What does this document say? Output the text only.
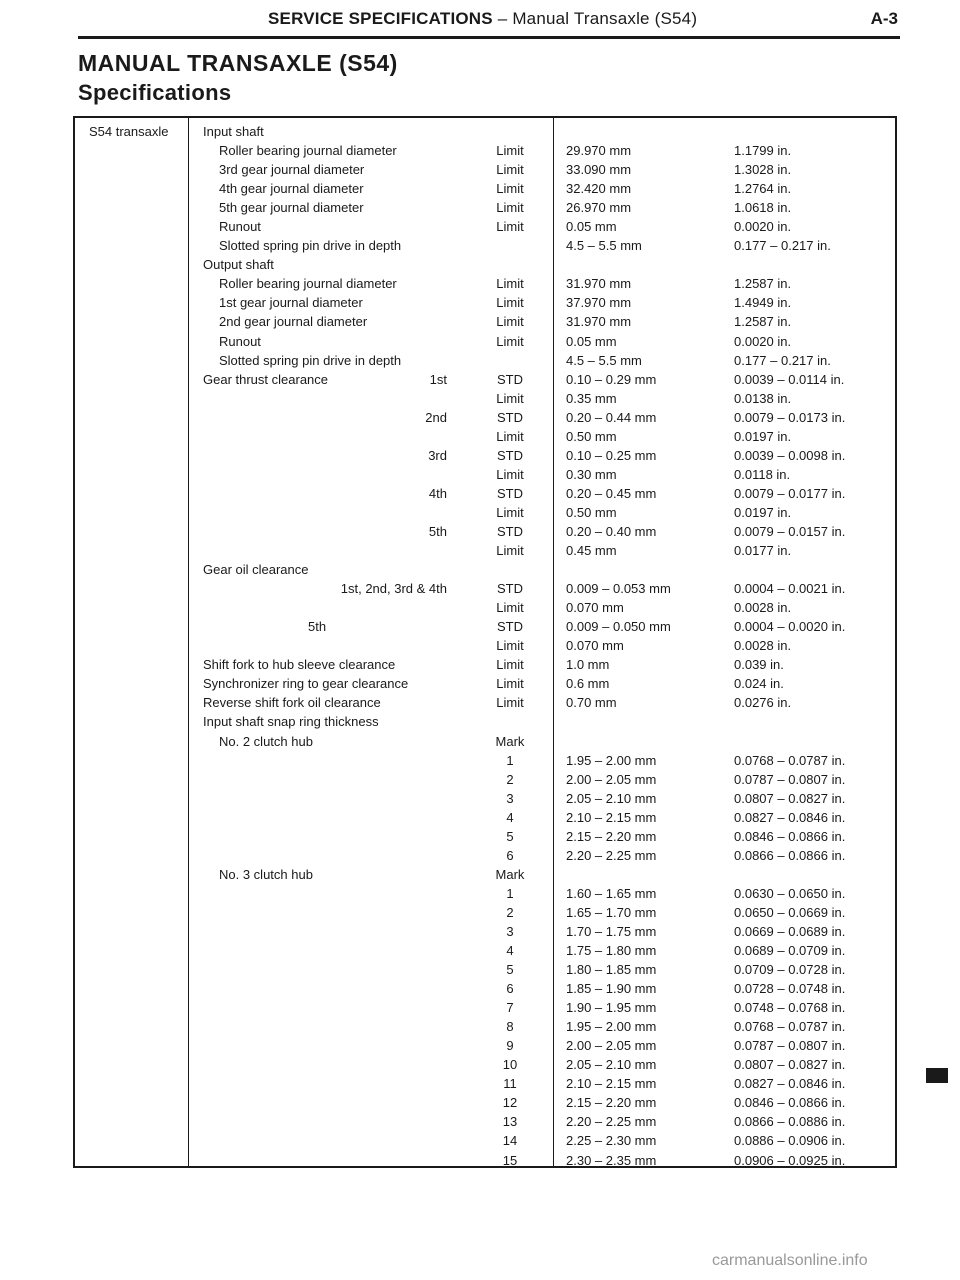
SERVICE SPECIFICATIONS – Manual Transaxle (S54)	A-3
MANUAL TRANSAXLE (S54)
Specifications
S54 transaxle	Input shaft
Roller bearing journal diameter	Limit	29.970 mm	1.1799 in.
3rd gear journal diameter	Limit	33.090 mm	1.3028 in.
4th gear journal diameter	Limit	32.420 mm	1.2764 in.
5th gear journal diameter	Limit	26.970 mm	1.0618 in.
Runout	Limit	0.05 mm	0.0020 in.
Slotted spring pin drive in depth	4.5 – 5.5 mm	0.177 – 0.217 in.
Output shaft
Roller bearing journal diameter	Limit	31.970 mm	1.2587 in.
1st gear journal diameter	Limit	37.970 mm	1.4949 in.
2nd gear journal diameter	Limit	31.970 mm	1.2587 in.
Runout	Limit	0.05 mm	0.0020 in.
Slotted spring pin drive in depth	4.5 – 5.5 mm	0.177 – 0.217 in.
Gear thrust clearance	1st	STD	0.10 – 0.29 mm	0.0039 – 0.0114 in.
Limit	0.35 mm	0.0138 in.
2nd	STD	0.20 – 0.44 mm	0.0079 – 0.0173 in.
Limit	0.50 mm	0.0197 in.
3rd	STD	0.10 – 0.25 mm	0.0039 – 0.0098 in.
Limit	0.30 mm	0.0118 in.
4th	STD	0.20 – 0.45 mm	0.0079 – 0.0177 in.
Limit	0.50 mm	0.0197 in.
5th	STD	0.20 – 0.40 mm	0.0079 – 0.0157 in.
Limit	0.45 mm	0.0177 in.
Gear oil clearance
1st, 2nd, 3rd & 4th	STD	0.009 – 0.053 mm	0.0004 – 0.0021 in.
Limit	0.070 mm	0.0028 in.
5th	STD	0.009 – 0.050 mm	0.0004 – 0.0020 in.
Limit	0.070 mm	0.0028 in.
Shift fork to hub sleeve clearance	Limit	1.0 mm	0.039 in.
Synchronizer ring to gear clearance	Limit	0.6 mm	0.024 in.
Reverse shift fork oil clearance	Limit	0.70 mm	0.0276 in.
Input shaft snap ring thickness
No. 2 clutch hub	Mark
1	1.95 – 2.00 mm	0.0768 – 0.0787 in.
2	2.00 – 2.05 mm	0.0787 – 0.0807 in.
3	2.05 – 2.10 mm	0.0807 – 0.0827 in.
4	2.10 – 2.15 mm	0.0827 – 0.0846 in.
5	2.15 – 2.20 mm	0.0846 – 0.0866 in.
6	2.20 – 2.25 mm	0.0866 – 0.0866 in.
No. 3 clutch hub	Mark
1	1.60 – 1.65 mm	0.0630 – 0.0650 in.
2	1.65 – 1.70 mm	0.0650 – 0.0669 in.
3	1.70 – 1.75 mm	0.0669 – 0.0689 in.
4	1.75 – 1.80 mm	0.0689 – 0.0709 in.
5	1.80 – 1.85 mm	0.0709 – 0.0728 in.
6	1.85 – 1.90 mm	0.0728 – 0.0748 in.
7	1.90 – 1.95 mm	0.0748 – 0.0768 in.
8	1.95 – 2.00 mm	0.0768 – 0.0787 in.
9	2.00 – 2.05 mm	0.0787 – 0.0807 in.
10	2.05 – 2.10 mm	0.0807 – 0.0827 in.
11	2.10 – 2.15 mm	0.0827 – 0.0846 in.
12	2.15 – 2.20 mm	0.0846 – 0.0866 in.
13	2.20 – 2.25 mm	0.0866 – 0.0886 in.
14	2.25 – 2.30 mm	0.0886 – 0.0906 in.
15	2.30 – 2.35 mm	0.0906 – 0.0925 in.
carmanualsonline.info
